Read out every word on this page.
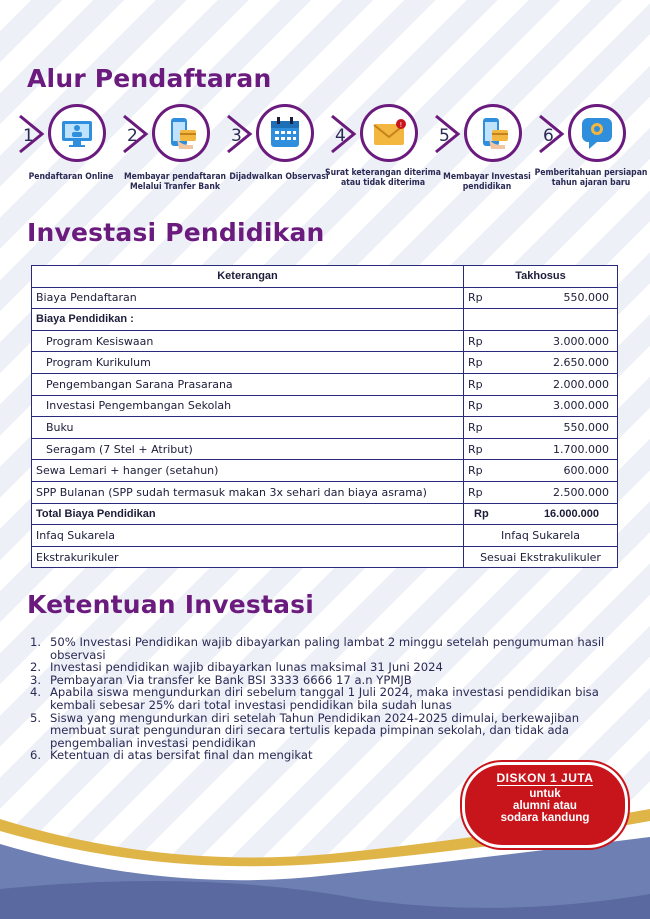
Alur Pendaftaran
1
Pendaftaran Online
2
Membayar pendaftaran Melalui Tranfer Bank
3
Dijadwalkan Observasi
4
!
Surat keterangan diterima atau tidak diterima
5
Membayar Investasi pendidikan
6
Pemberitahuan persiapan tahun ajaran baru
Investasi Pendidikan
Keterangan	Takhosus
Biaya Pendaftaran	Rp 550.000

Biaya Pendidikan :	
Program Kesiswaan	Rp 3.000.000

Program Kurikulum	Rp 2.650.000

Pengembangan Sarana Prasarana	Rp 2.000.000

Investasi Pengembangan Sekolah	Rp 3.000.000

Buku	Rp 550.000

Seragam (7 Stel + Atribut)	Rp 1.700.000

Sewa Lemari + hanger (setahun)	Rp 600.000

SPP Bulanan (SPP sudah termasuk makan 3x sehari dan biaya asrama)	Rp 2.500.000

Total Biaya Pendidikan	Rp 16.000.000

Infaq Sukarela	Infaq Sukarela
Ekstrakurikuler	Sesuai Ekstrakulikuler
Ketentuan Investasi
1. 50% Investasi Pendidikan wajib dibayarkan paling lambat 2 minggu setelah pengumuman hasil observasi
2. Investasi pendidikan wajib dibayarkan lunas maksimal 31 Juni 2024
3. Pembayaran Via transfer ke Bank BSI 3333 6666 17 a.n YPMJB
4. Apabila siswa mengundurkan diri sebelum tanggal 1 Juli 2024, maka investasi pendidikan bisa kembali sebesar 25% dari total investasi pendidikan bila sudah lunas
5. Siswa yang mengundurkan diri setelah Tahun Pendidikan 2024-2025 dimulai, berkewajiban membuat surat pengunduran diri secara tertulis kepada pimpinan sekolah, dan tidak ada pengembalian investasi pendidikan
6. Ketentuan di atas bersifat final dan mengikat
DISKON 1 JUTA
untuk
alumni atau
sodara kandung
